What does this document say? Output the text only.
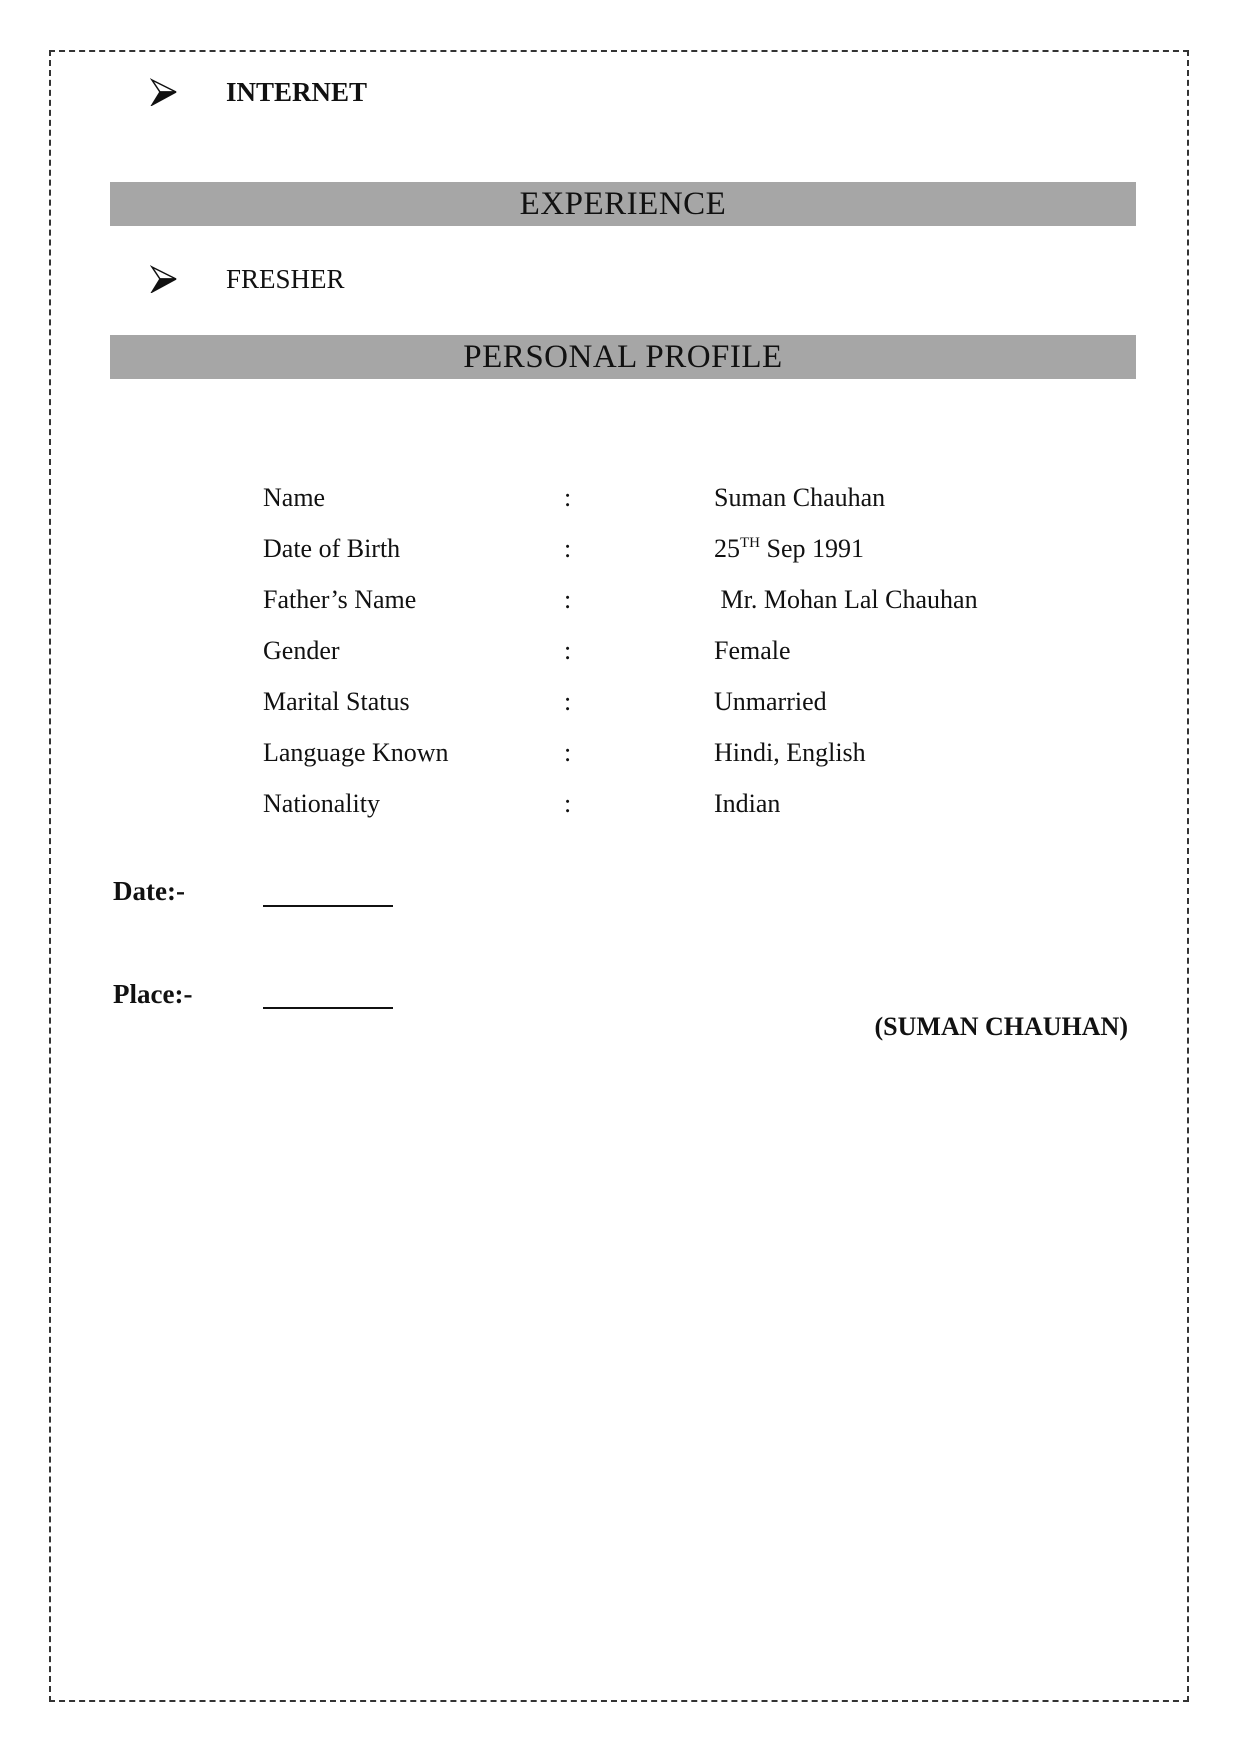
INTERNET
EXPERIENCE
FRESHER
PERSONAL PROFILE
Name	:	Suman Chauhan
Date of Birth	:	25TH Sep 1991
Father’s Name	:	Mr. Mohan Lal Chauhan
Gender	:	Female
Marital Status	:	Unmarried
Language Known	:	Hindi, English
Nationality	:	Indian
Date:-
Place:-
(SUMAN CHAUHAN)
